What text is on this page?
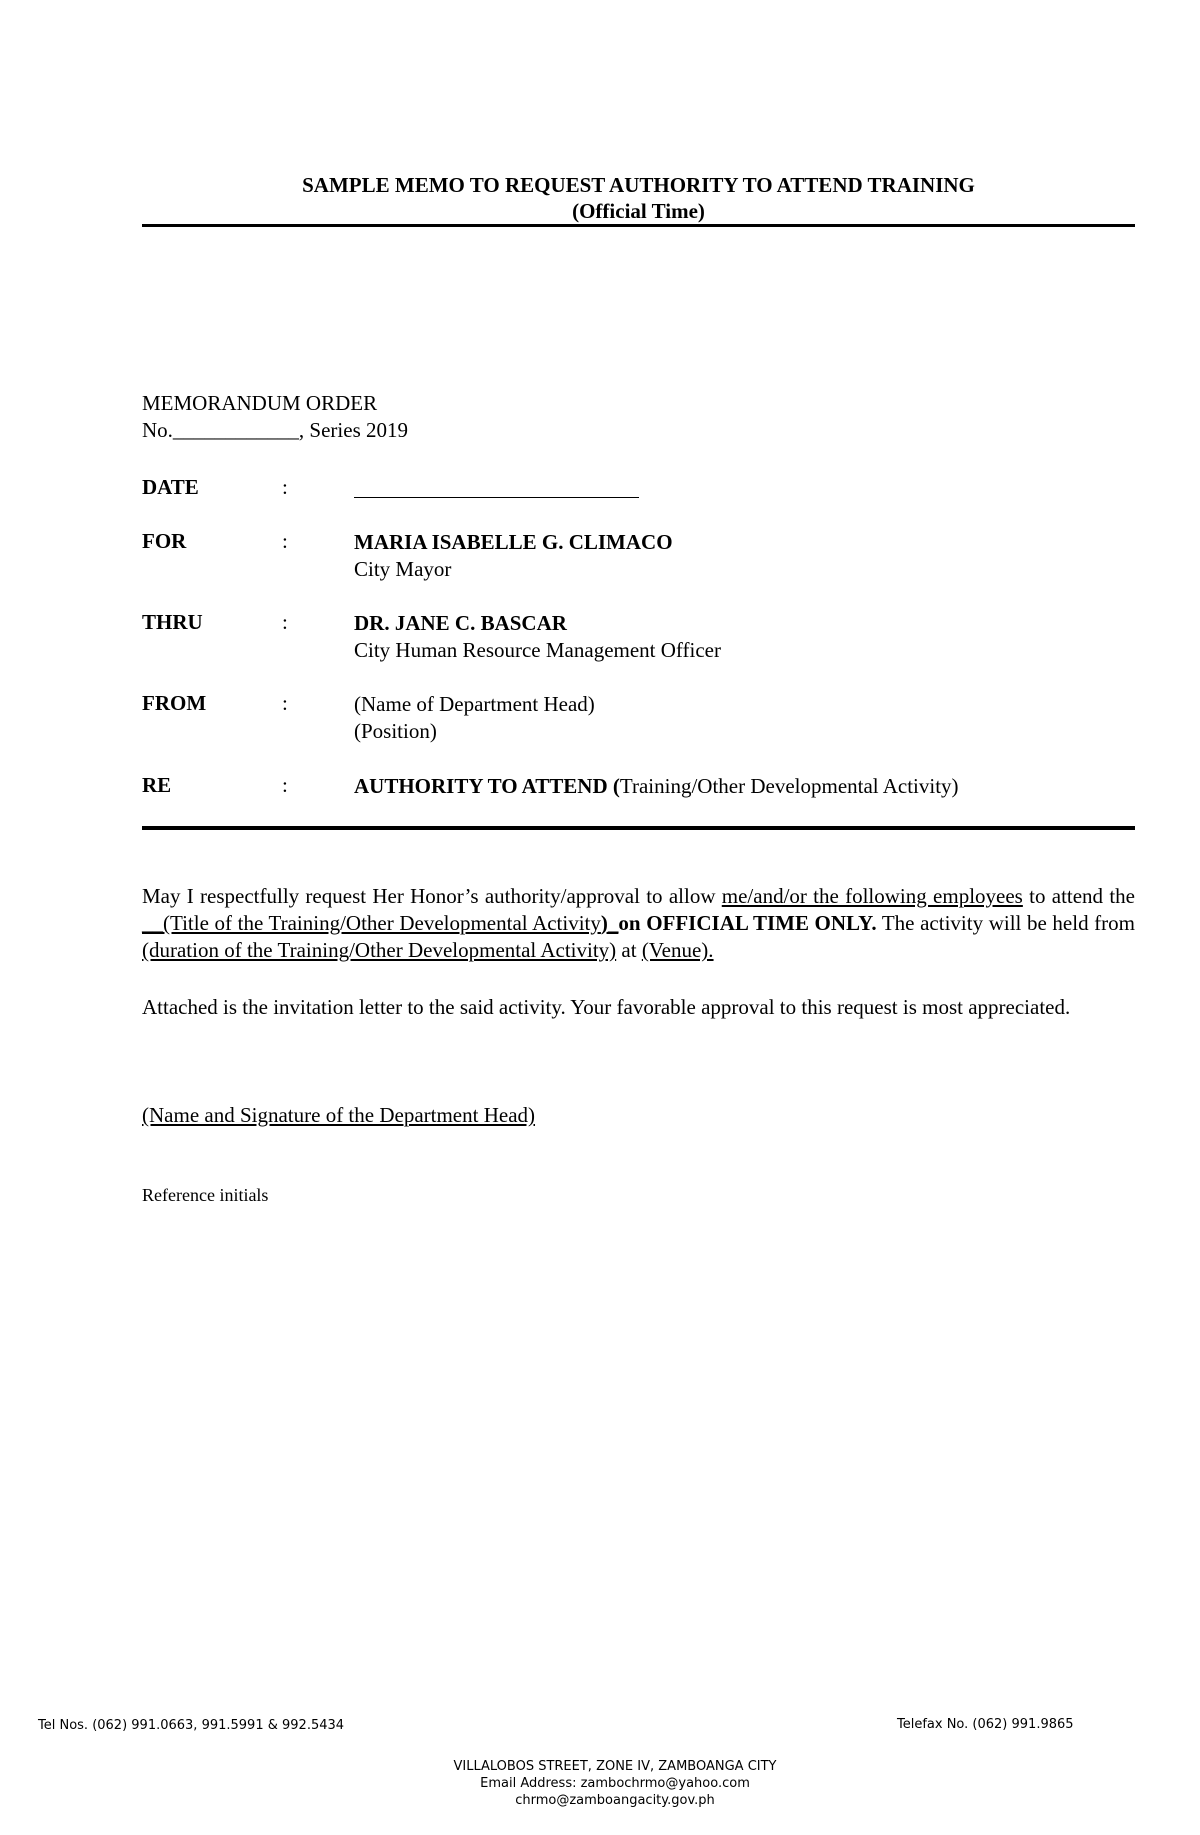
SAMPLE MEMO TO REQUEST AUTHORITY TO ATTEND TRAINING
(Official Time)
MEMORANDUM ORDER
No.____________, Series 2019
DATE	:
FOR	:	MARIA ISABELLE G. CLIMACO
City Mayor
THRU	:	DR. JANE C. BASCAR
City Human Resource Management Officer
FROM	:	(Name of Department Head)
(Position)
RE	:	AUTHORITY TO ATTEND (Training/Other Developmental Activity)
May I respectfully request Her Honor’s authority/approval to allow me/and/or the following employees to attend the __(Title of the Training/Other Developmental Activity)_on OFFICIAL TIME ONLY. The activity will be held from (duration of the Training/Other Developmental Activity) at (Venue).
Attached is the invitation letter to the said activity. Your favorable approval to this request is most appreciated.
(Name and Signature of the Department Head)
Reference initials
Tel Nos. (062) 991.0663, 991.5991 & 992.5434	Telefax No. (062) 991.9865
VILLALOBOS STREET, ZONE IV, ZAMBOANGA CITY
Email Address: zambochrmo@yahoo.com
chrmo@zamboangacity.gov.ph
